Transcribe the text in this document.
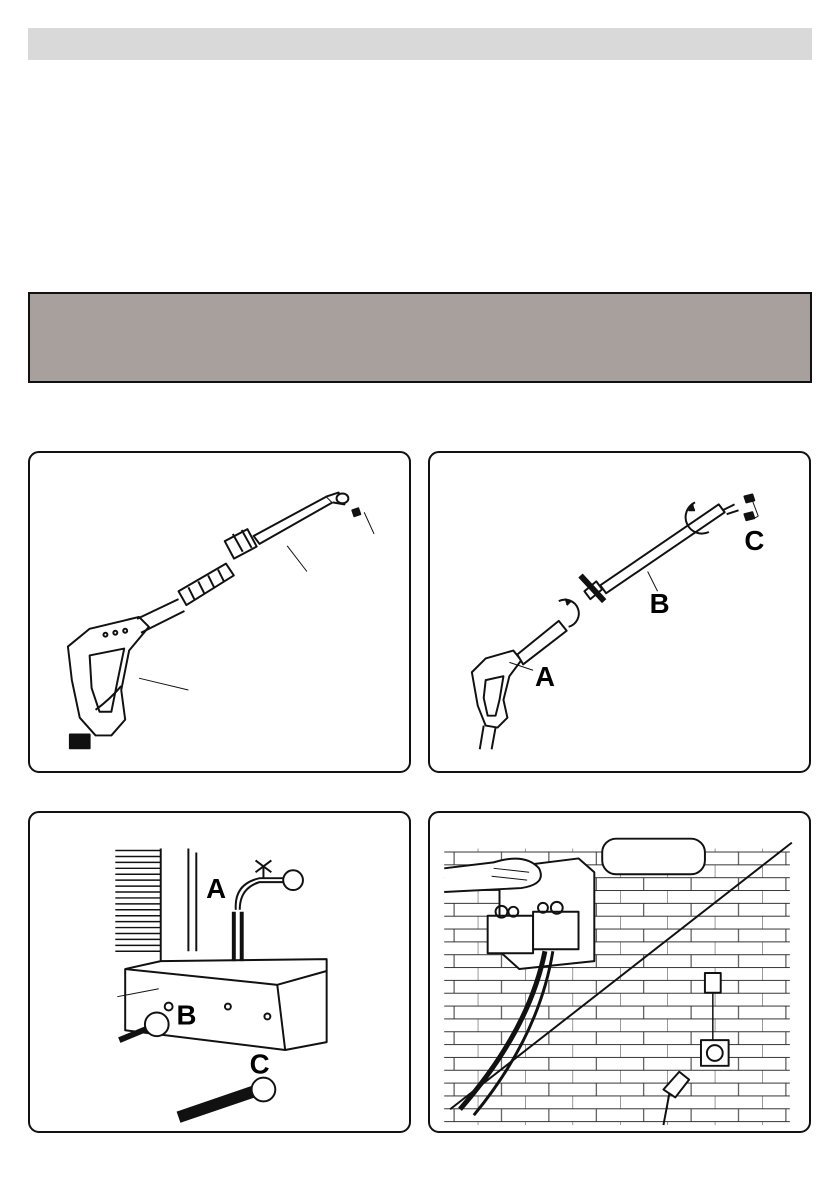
A
B
C
A
B
C
